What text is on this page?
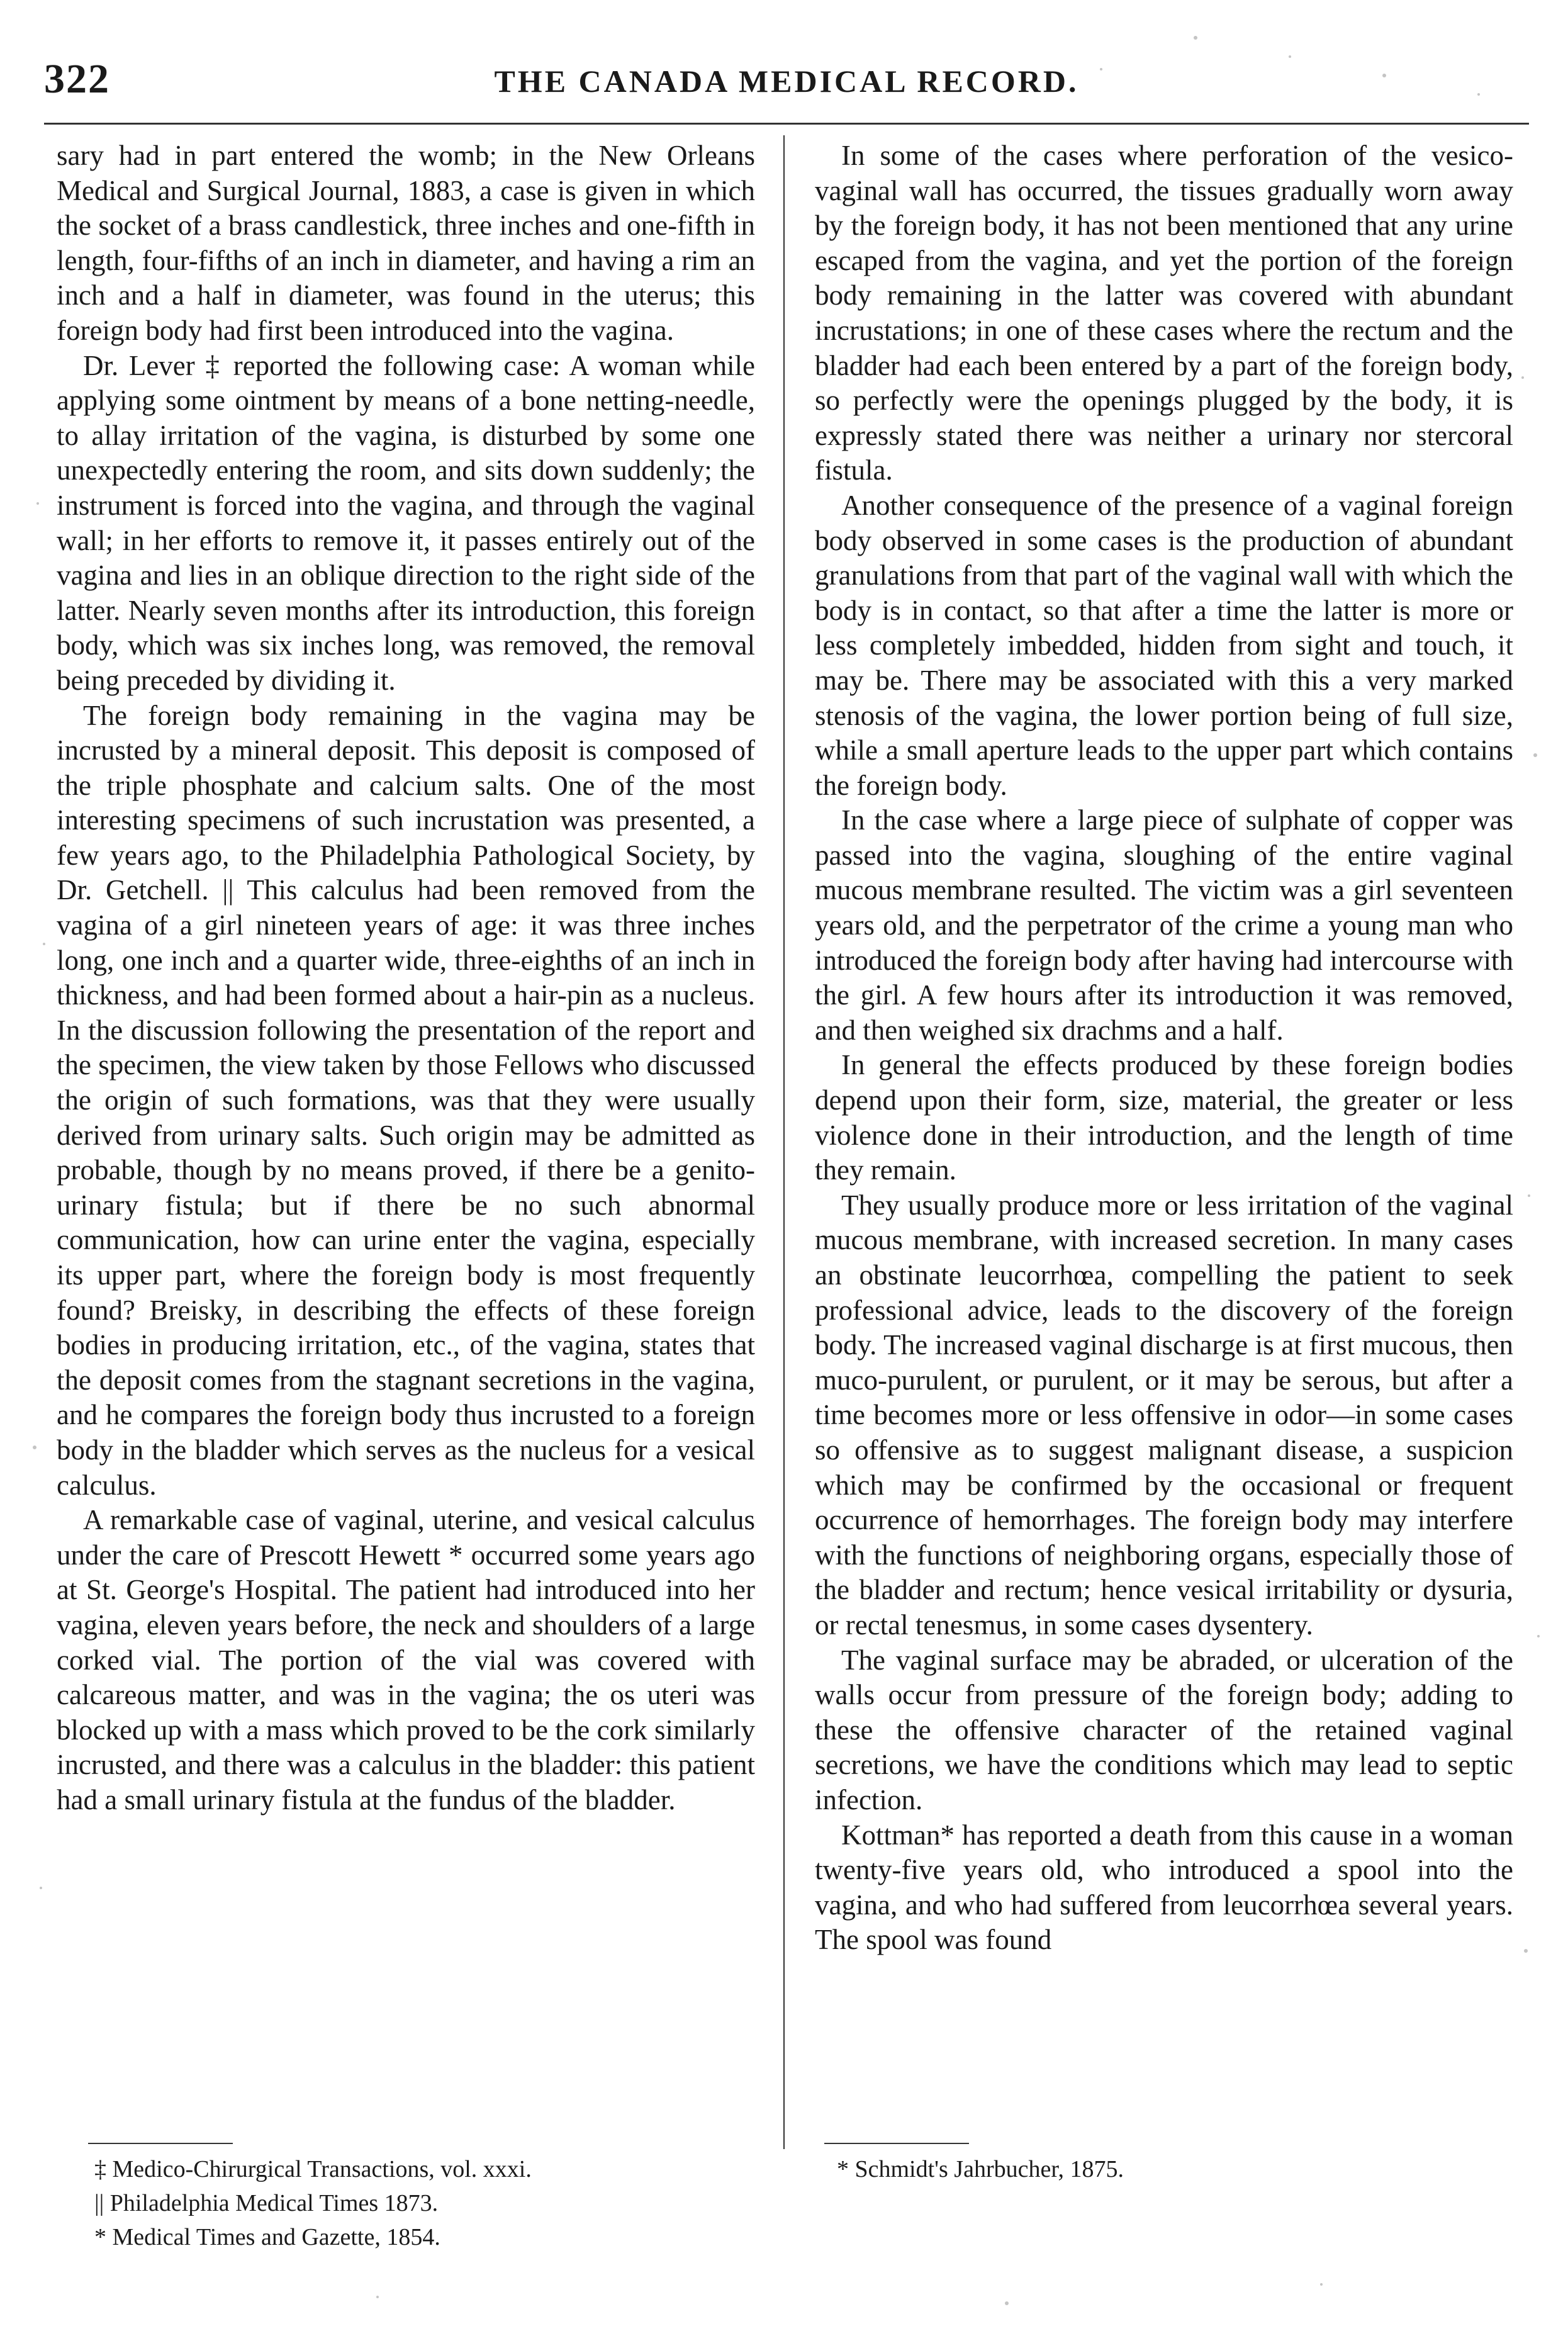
322	THE CANADA MEDICAL RECORD.

sary had in part entered the womb; in the New Orleans Medical and Surgical Journal, 1883, a case is given in which the socket of a brass candlestick, three inches and one-fifth in length, four-fifths of an inch in diameter, and having a rim an inch and a half in diameter, was found in the uterus; this foreign body had first been introduced into the vagina.

Dr. Lever ‡ reported the following case: A woman while applying some ointment by means of a bone netting-needle, to allay irritation of the vagina, is disturbed by some one unexpectedly entering the room, and sits down suddenly; the instrument is forced into the vagina, and through the vaginal wall; in her efforts to remove it, it passes entirely out of the vagina and lies in an oblique direction to the right side of the latter. Nearly seven months after its introduction, this foreign body, which was six inches long, was removed, the removal being preceded by dividing it.

The foreign body remaining in the vagina may be incrusted by a mineral deposit. This deposit is composed of the triple phosphate and calcium salts. One of the most interesting specimens of such incrustation was presented, a few years ago, to the Philadelphia Pathological Society, by Dr. Getchell. || This calculus had been removed from the vagina of a girl nineteen years of age: it was three inches long, one inch and a quarter wide, three-eighths of an inch in thickness, and had been formed about a hair-pin as a nucleus. In the discussion following the presentation of the report and the specimen, the view taken by those Fellows who discussed the origin of such formations, was that they were usually derived from urinary salts. Such origin may be admitted as probable, though by no means proved, if there be a genito-urinary fistula; but if there be no such abnormal communication, how can urine enter the vagina, especially its upper part, where the foreign body is most frequently found? Breisky, in describing the effects of these foreign bodies in producing irritation, etc., of the vagina, states that the deposit comes from the stagnant secretions in the vagina, and he compares the foreign body thus incrusted to a foreign body in the bladder which serves as the nucleus for a vesical calculus.

A remarkable case of vaginal, uterine, and vesical calculus under the care of Prescott Hewett * occurred some years ago at St. George's Hospital. The patient had introduced into her vagina, eleven years before, the neck and shoulders of a large corked vial. The portion of the vial was covered with calcareous matter, and was in the vagina; the os uteri was blocked up with a mass which proved to be the cork similarly incrusted, and there was a calculus in the bladder: this patient had a small urinary fistula at the fundus of the bladder.

In some of the cases where perforation of the vesico-vaginal wall has occurred, the tissues gradually worn away by the foreign body, it has not been mentioned that any urine escaped from the vagina, and yet the portion of the foreign body remaining in the latter was covered with abundant incrustations; in one of these cases where the rectum and the bladder had each been entered by a part of the foreign body, so perfectly were the openings plugged by the body, it is expressly stated there was neither a urinary nor stercoral fistula.

Another consequence of the presence of a vaginal foreign body observed in some cases is the production of abundant granulations from that part of the vaginal wall with which the body is in contact, so that after a time the latter is more or less completely imbedded, hidden from sight and touch, it may be. There may be associated with this a very marked stenosis of the vagina, the lower portion being of full size, while a small aperture leads to the upper part which contains the foreign body.

In the case where a large piece of sulphate of copper was passed into the vagina, sloughing of the entire vaginal mucous membrane resulted. The victim was a girl seventeen years old, and the perpetrator of the crime a young man who introduced the foreign body after having had intercourse with the girl. A few hours after its introduction it was removed, and then weighed six drachms and a half.

In general the effects produced by these foreign bodies depend upon their form, size, material, the greater or less violence done in their introduction, and the length of time they remain.

They usually produce more or less irritation of the vaginal mucous membrane, with increased secretion. In many cases an obstinate leucorrhœa, compelling the patient to seek professional advice, leads to the discovery of the foreign body. The increased vaginal discharge is at first mucous, then muco-purulent, or purulent, or it may be serous, but after a time becomes more or less offensive in odor—in some cases so offensive as to suggest malignant disease, a suspicion which may be confirmed by the occasional or frequent occurrence of hemorrhages. The foreign body may interfere with the functions of neighboring organs, especially those of the bladder and rectum; hence vesical irritability or dysuria, or rectal tenesmus, in some cases dysentery.

The vaginal surface may be abraded, or ulceration of the walls occur from pressure of the foreign body; adding to these the offensive character of the retained vaginal secretions, we have the conditions which may lead to septic infection.

Kottman* has reported a death from this cause in a woman twenty-five years old, who introduced a spool into the vagina, and who had suffered from leucorrhœa several years. The spool was found

‡ Medico-Chirurgical Transactions, vol. xxxi.
|| Philadelphia Medical Times 1873.
* Medical Times and Gazette, 1854.
* Schmidt's Jahrbucher, 1875.
